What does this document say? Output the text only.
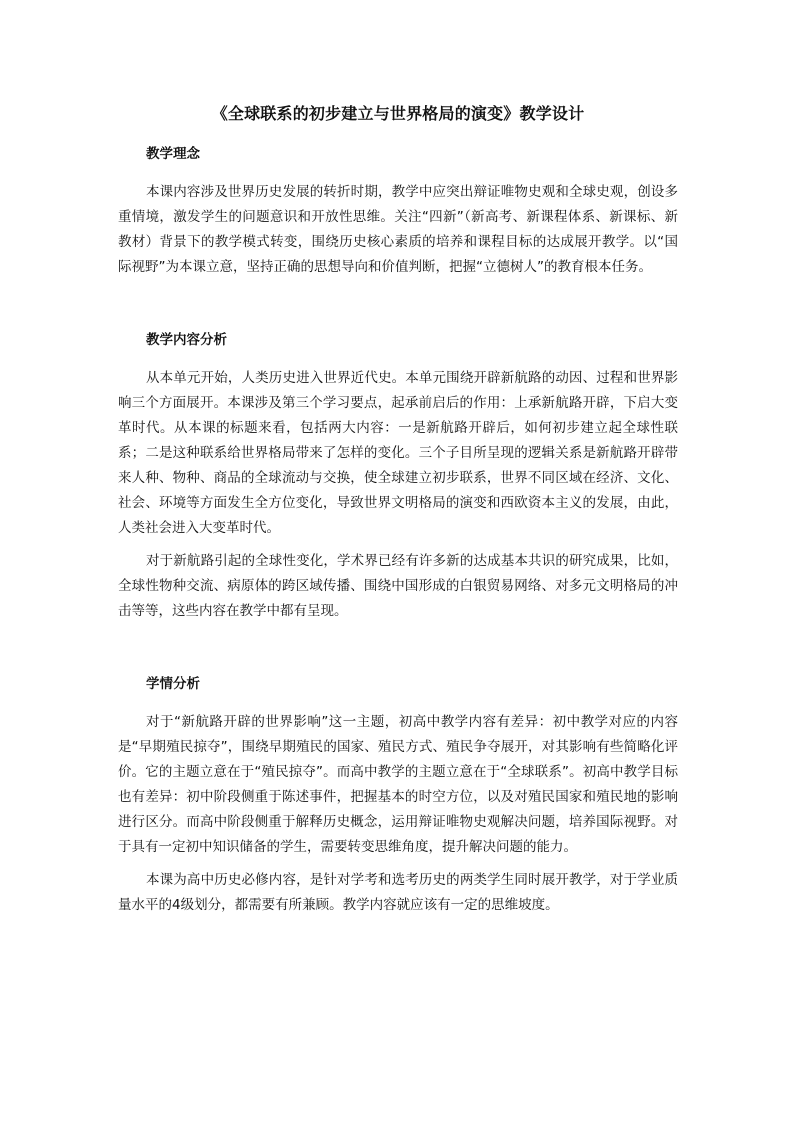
《全球联系的初步建立与世界格局的演变》教学设计
教学理念

本课内容涉及世界历史发展的转折时期，教学中应突出辩证唯物史观和全球史观，创设多重情境，激发学生的问题意识和开放性思维。关注“四新”（新高考、新课程体系、新课标、新教材）背景下的教学模式转变，围绕历史核心素质的培养和课程目标的达成展开教学。以“国际视野”为本课立意，坚持正确的思想导向和价值判断，把握“立德树人”的教育根本任务。

教学内容分析

从本单元开始，人类历史进入世界近代史。本单元围绕开辟新航路的动因、过程和世界影响三个方面展开。本课涉及第三个学习要点，起承前启后的作用：上承新航路开辟，下启大变革时代。从本课的标题来看，包括两大内容：一是新航路开辟后，如何初步建立起全球性联系；二是这种联系给世界格局带来了怎样的变化。三个子目所呈现的逻辑关系是新航路开辟带来人种、物种、商品的全球流动与交换，使全球建立初步联系，世界不同区域在经济、文化、社会、环境等方面发生全方位变化，导致世界文明格局的演变和西欧资本主义的发展，由此，人类社会进入大变革时代。

对于新航路引起的全球性变化，学术界已经有许多新的达成基本共识的研究成果，比如，全球性物种交流、病原体的跨区域传播、围绕中国形成的白银贸易网络、对多元文明格局的冲击等等，这些内容在教学中都有呈现。

学情分析

对于“新航路开辟的世界影响”这一主题，初高中教学内容有差异：初中教学对应的内容是“早期殖民掠夺”，围绕早期殖民的国家、殖民方式、殖民争夺展开，对其影响有些简略化评价。它的主题立意在于“殖民掠夺”。而高中教学的主题立意在于“全球联系”。初高中教学目标也有差异：初中阶段侧重于陈述事件，把握基本的时空方位，以及对殖民国家和殖民地的影响进行区分。而高中阶段侧重于解释历史概念，运用辩证唯物史观解决问题，培养国际视野。对于具有一定初中知识储备的学生，需要转变思维角度，提升解决问题的能力。

本课为高中历史必修内容，是针对学考和选考历史的两类学生同时展开教学，对于学业质量水平的4级划分，都需要有所兼顾。教学内容就应该有一定的思维坡度。
